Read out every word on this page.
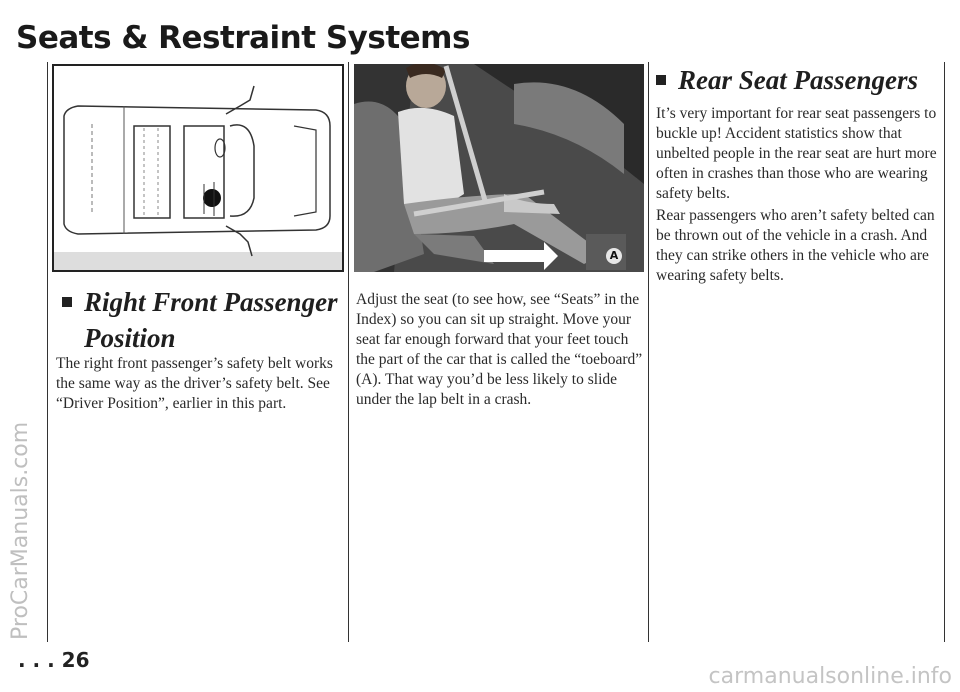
Seats & Restraint Systems
Right Front Passenger
Position

The right front passenger’s safety belt works the same way as the driver’s safety belt. See “Driver Position”, earlier in this part.

A

Adjust the seat (to see how, see “Seats” in the Index) so you can sit up straight. Move your seat far enough forward that your feet touch the part of the car that is called the “toeboard” (A). That way you’d be less likely to slide under the lap belt in a crash.

Rear Seat Passengers

It’s very important for rear seat passengers to buckle up! Accident statistics show that unbelted people in the rear seat are hurt more often in crashes than those who are wearing safety belts.

Rear passengers who aren’t safety belted can be thrown out of the vehicle in a crash. And they can strike others in the vehicle who are wearing safety belts.

. . . 26
ProCarManuals.com
carmanualsonline.info
